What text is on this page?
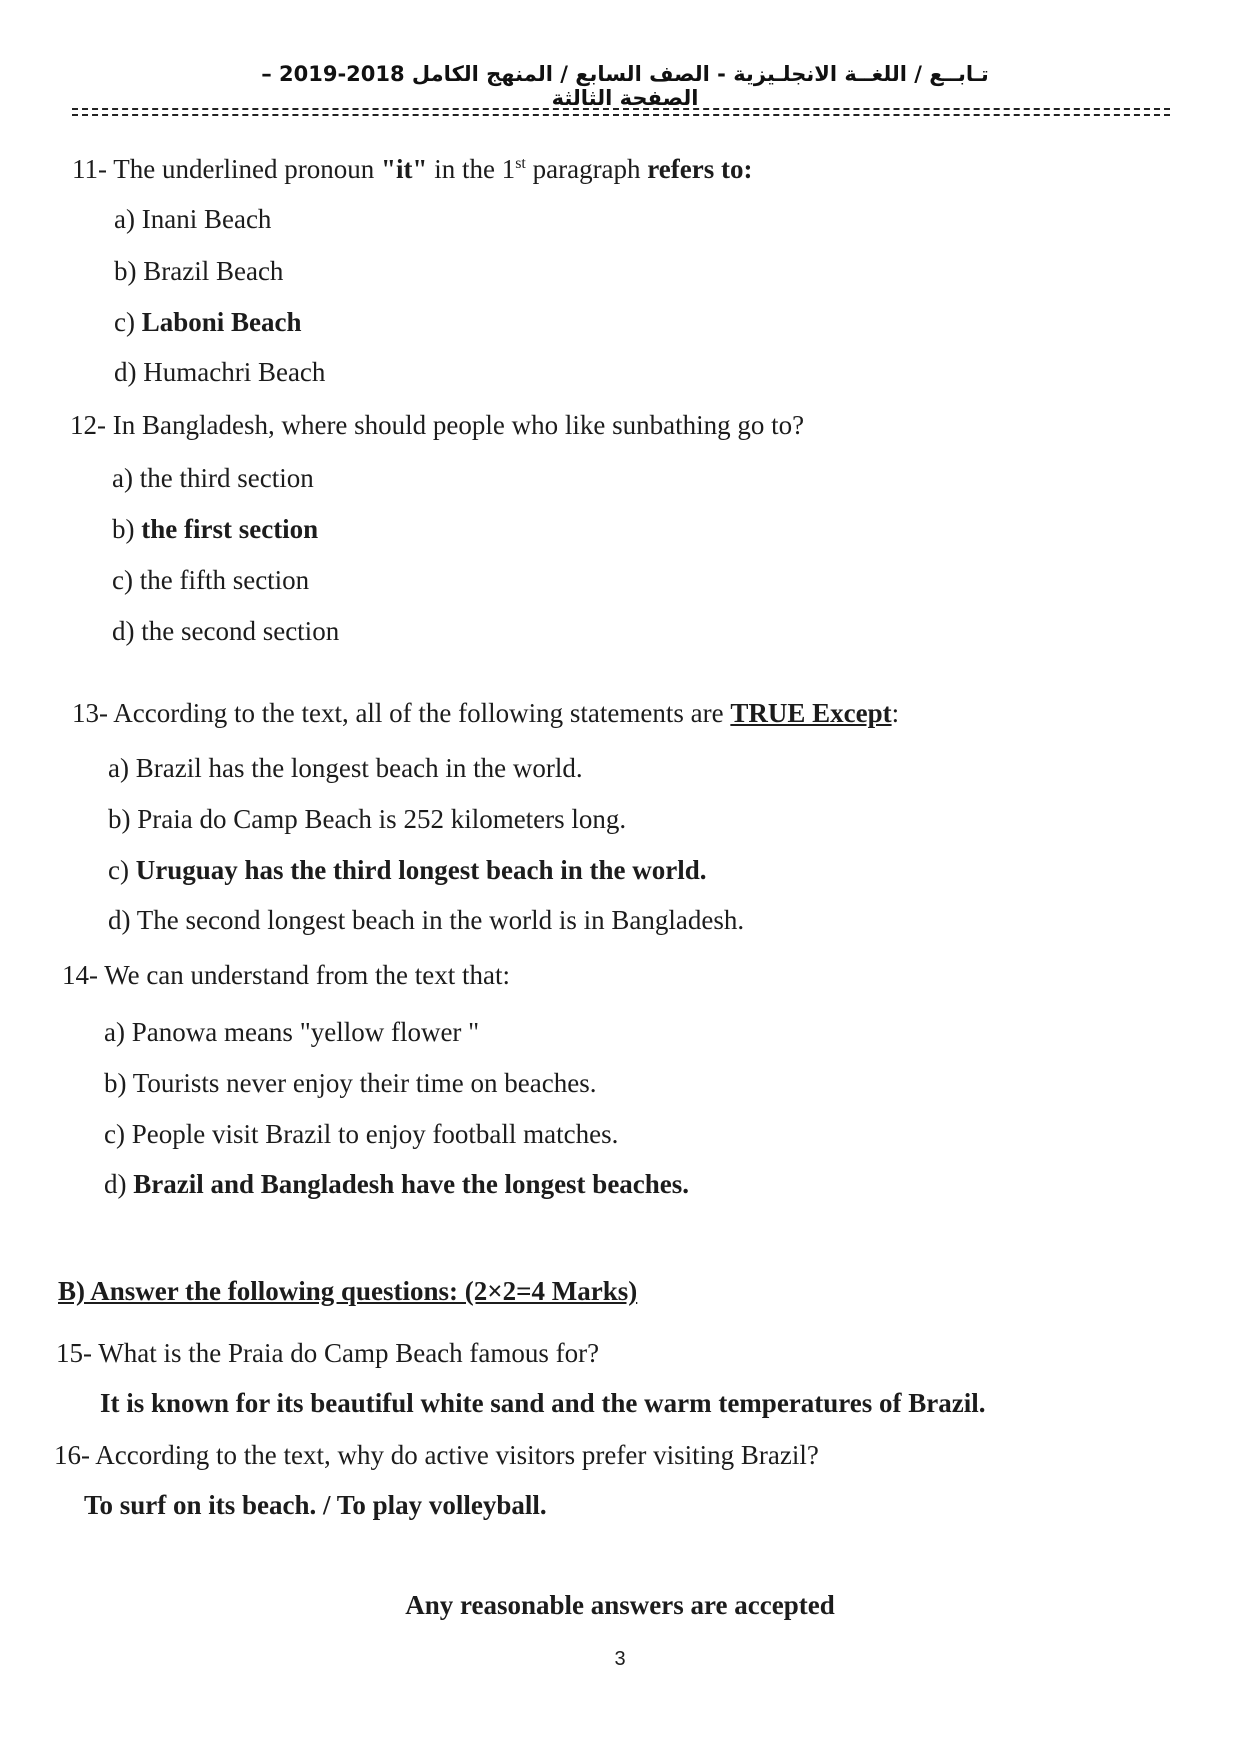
تـابــع / اللغــة الانجلـيزية - الصف السابع / المنهج الكامل 2018-2019 – الصفحة الثالثة
11- The underlined pronoun "it" in the 1st paragraph refers to:
a) Inani Beach
b) Brazil Beach
c) Laboni Beach
d) Humachri Beach
12- In Bangladesh, where should people who like sunbathing go to?
a) the third section
b) the first section
c) the fifth section
d) the second section
13- According to the text, all of the following statements are TRUE Except:
a) Brazil has the longest beach in the world.
b) Praia do Camp Beach is 252 kilometers long.
c) Uruguay has the third longest beach in the world.
d) The second longest beach in the world is in Bangladesh.
14- We can understand from the text that:
a) Panowa means "yellow flower "
b) Tourists never enjoy their time on beaches.
c) People visit Brazil to enjoy football matches.
d) Brazil and Bangladesh have the longest beaches.
B) Answer the following questions: (2×2=4 Marks)
15- What is the Praia do Camp Beach famous for?
It is known for its beautiful white sand and the warm temperatures of Brazil.
16- According to the text, why do active visitors prefer visiting Brazil?
To surf on its beach. / To play volleyball.
Any reasonable answers are accepted
3
